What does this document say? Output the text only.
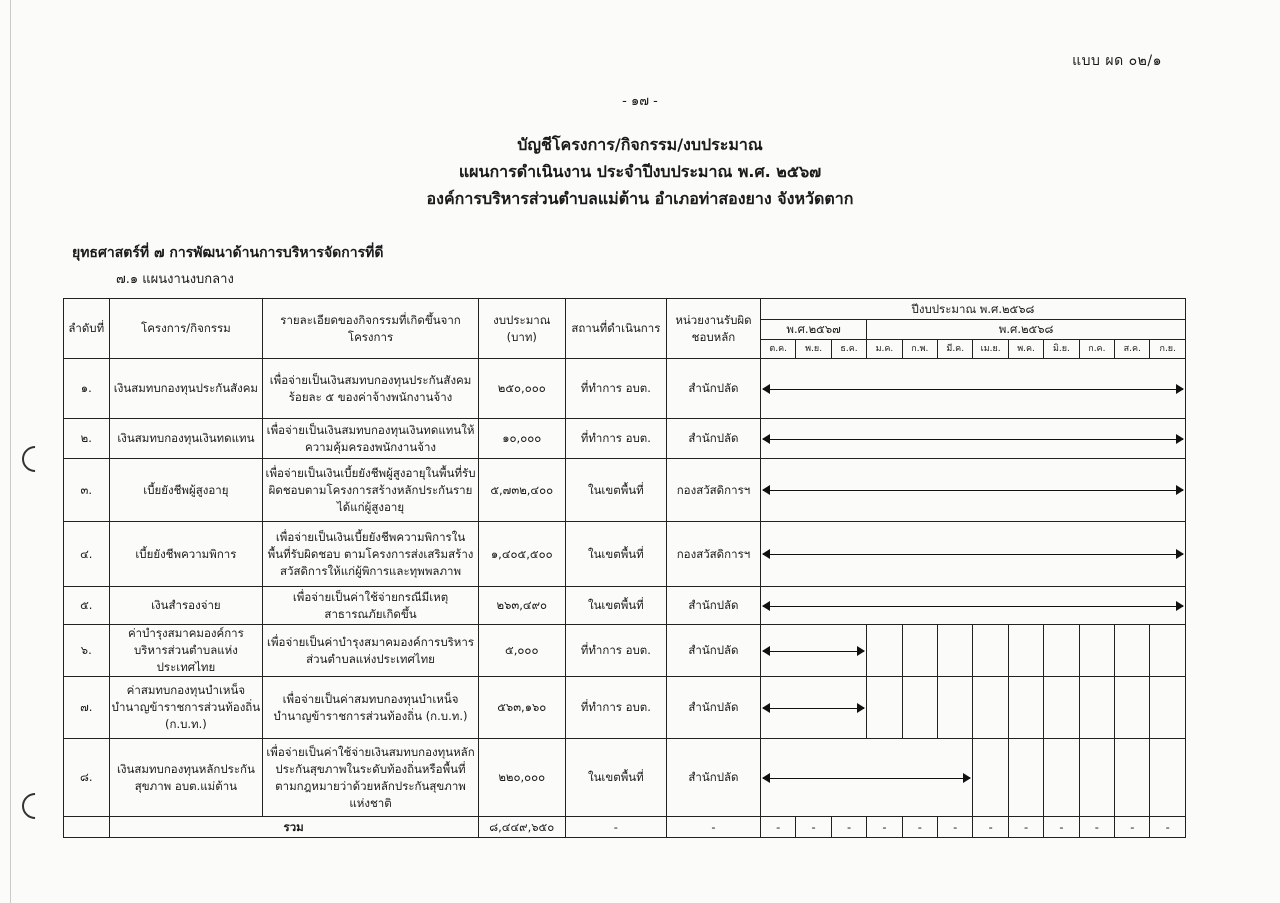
แบบ ผด ๐๒/๑
- ๑๗ -
บัญชีโครงการ/กิจกรรม/งบประมาณ
แผนการดำเนินงาน ประจำปีงบประมาณ พ.ศ. ๒๕๖๗
องค์การบริหารส่วนตำบลแม่ต้าน อำเภอท่าสองยาง จังหวัดตาก
ยุทธศาสตร์ที่ ๗ การพัฒนาด้านการบริหารจัดการที่ดี
๗.๑ แผนงานงบกลาง
ลำดับที่	โครงการ/กิจกรรม	รายละเอียดของกิจกรรมที่เกิดขึ้นจากโครงการ	งบประมาณ (บาท)	สถานที่ดำเนินการ	หน่วยงานรับผิดชอบหลัก	ปีงบประมาณ พ.ศ.๒๕๖๘											
						พ.ศ.๒๕๖๗			พ.ศ.๒๕๖๘								
						ต.ค.	พ.ย.	ธ.ค.	ม.ค.	ก.พ.	มี.ค.	เม.ย.	พ.ค.	มิ.ย.	ก.ค.	ส.ค.	ก.ย.
๑.	เงินสมทบกองทุนประกันสังคม	เพื่อจ่ายเป็นเงินสมทบกองทุนประกันสังคม ร้อยละ ๕ ของค่าจ้างพนักงานจ้าง	๒๕๐,๐๐๐	ที่ทำการ อบต.	สำนักปลัด												

๒.	เงินสมทบกองทุนเงินทดแทน	เพื่อจ่ายเป็นเงินสมทบกองทุนเงินทดแทนให้ความคุ้มครองพนักงานจ้าง	๑๐,๐๐๐	ที่ทำการ อบต.	สำนักปลัด												

๓.	เบี้ยยังชีพผู้สูงอายุ	เพื่อจ่ายเป็นเงินเบี้ยยังชีพผู้สูงอายุในพื้นที่รับผิดชอบตามโครงการสร้างหลักประกันรายได้แก่ผู้สูงอายุ	๕,๗๓๒,๔๐๐	ในเขตพื้นที่	กองสวัสดิการฯ												

๔.	เบี้ยยังชีพความพิการ	เพื่อจ่ายเป็นเงินเบี้ยยังชีพความพิการในพื้นที่รับผิดชอบ ตามโครงการส่งเสริมสร้างสวัสดิการให้แก่ผู้พิการและทุพพลภาพ	๑,๔๐๕,๕๐๐	ในเขตพื้นที่	กองสวัสดิการฯ												

๕.	เงินสำรองจ่าย	เพื่อจ่ายเป็นค่าใช้จ่ายกรณีมีเหตุสาธารณภัยเกิดขึ้น	๒๖๓,๔๙๐	ในเขตพื้นที่	สำนักปลัด												

๖.	ค่าบำรุงสมาคมองค์การบริหารส่วนตำบลแห่งประเทศไทย	เพื่อจ่ายเป็นค่าบำรุงสมาคมองค์การบริหารส่วนตำบลแห่งประเทศไทย	๕,๐๐๐	ที่ทำการ อบต.	สำนักปลัด			

๗.	ค่าสมทบกองทุนบำเหน็จบำนาญข้าราชการส่วนท้องถิ่น (ก.บ.ท.)	เพื่อจ่ายเป็นค่าสมทบกองทุนบำเหน็จบำนาญข้าราชการส่วนท้องถิ่น (ก.บ.ท.)	๕๖๓,๑๖๐	ที่ทำการ อบต.	สำนักปลัด			

๘.	เงินสมทบกองทุนหลักประกันสุขภาพ อบต.แม่ต้าน	เพื่อจ่ายเป็นค่าใช้จ่ายเงินสมทบกองทุนหลักประกันสุขภาพในระดับท้องถิ่นหรือพื้นที่ ตามกฎหมายว่าด้วยหลักประกันสุขภาพแห่งชาติ	๒๒๐,๐๐๐	ในเขตพื้นที่	สำนักปลัด						

	รวม		๘,๔๔๙,๖๕๐	-	-	-	-	-	-	-	-	-	-	-	-	-	-
